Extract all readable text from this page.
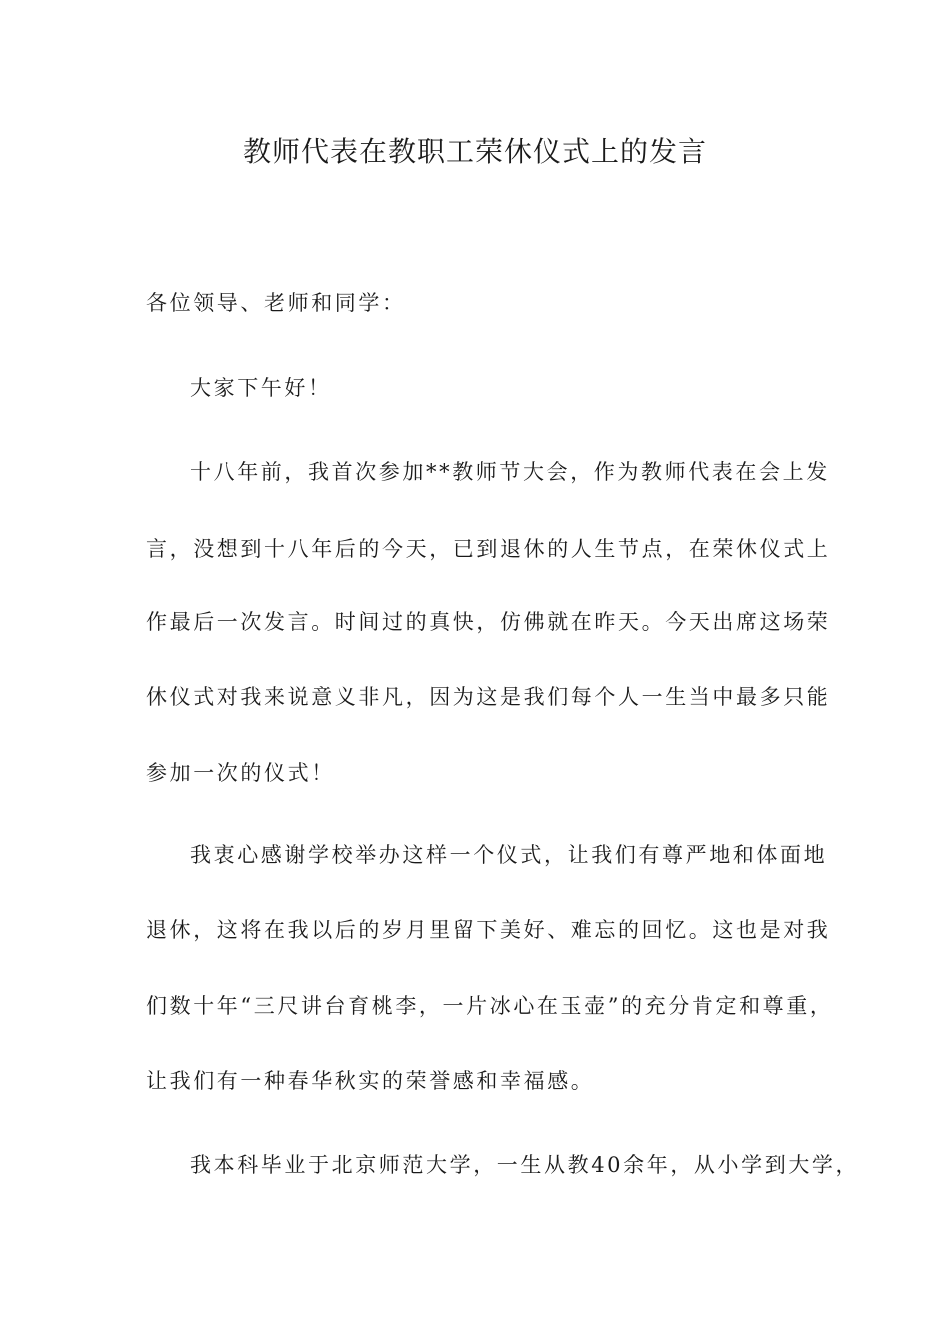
教师代表在教职工荣休仪式上的发言

各位领导、老师和同学：

大家下午好！

十八年前，我首次参加**教师节大会，作为教师代表在会上发

言，没想到十八年后的今天，已到退休的人生节点，在荣休仪式上

作最后一次发言。时间过的真快，仿佛就在昨天。今天出席这场荣

休仪式对我来说意义非凡，因为这是我们每个人一生当中最多只能

参加一次的仪式！

我衷心感谢学校举办这样一个仪式，让我们有尊严地和体面地

退休，这将在我以后的岁月里留下美好、难忘的回忆。这也是对我

们数十年“三尺讲台育桃李，一片冰心在玉壶”的充分肯定和尊重，

让我们有一种春华秋实的荣誉感和幸福感。

我本科毕业于北京师范大学，一生从教40余年，从小学到大学，
